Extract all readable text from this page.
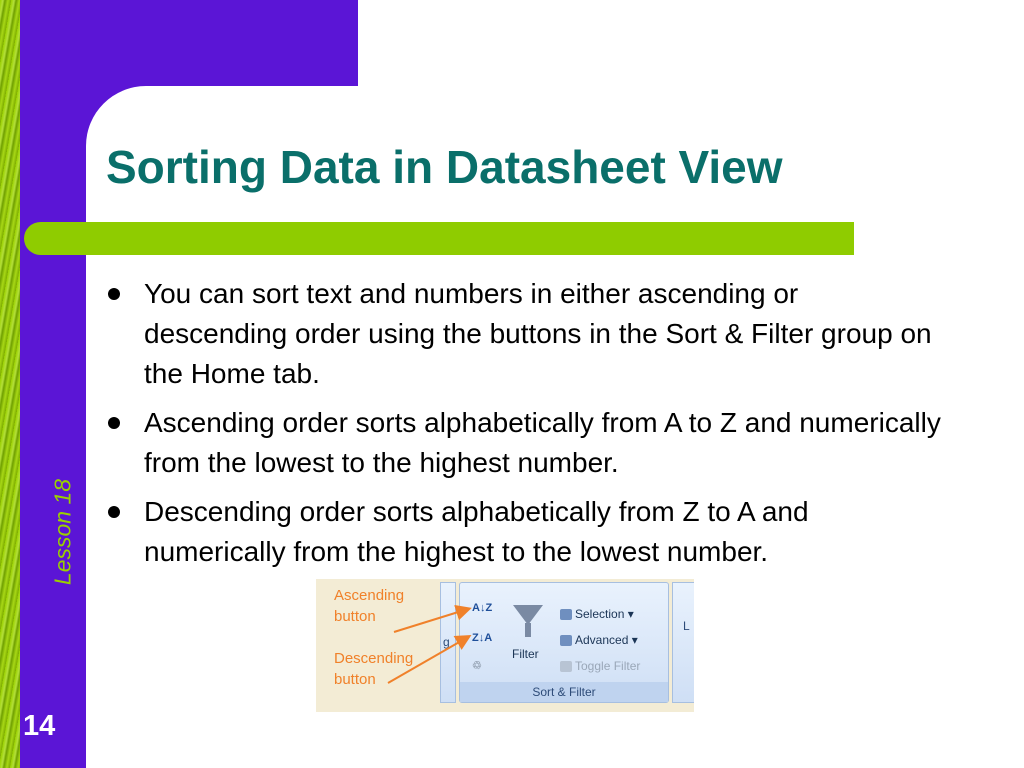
Sorting Data in Datasheet View
Lesson 18
14
You can sort text and numbers in either ascending or descending order using the buttons in the Sort & Filter group on the Home tab.
Ascending order sorts alphabetically from A to Z and numerically from the lowest to the highest number.
Descending order sorts alphabetically from Z to A and numerically from the highest to the lowest number.
Ascending
button
Descending
button
g
A↓Z
Z↓A
♲
Filter
Selection ▾
Advanced ▾
Toggle Filter
Sort & Filter
L
